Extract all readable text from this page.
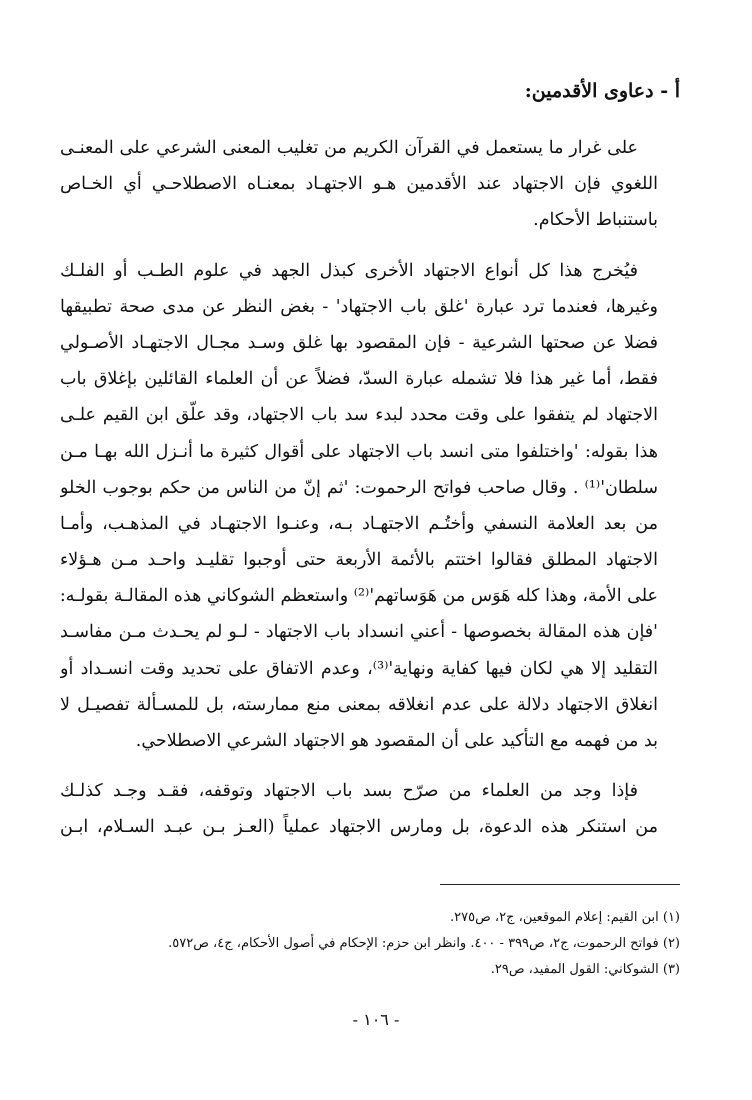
أ - دعاوى الأقدمين:
على غرار ما يستعمل في القرآن الكريم من تغليب المعنى الشرعي على المعنـى
اللغوي فإن الاجتهاد عند الأقدمين هـو الاجتهـاد بمعنـاه الاصطلاحـي أي الخـاص
باستنباط الأحكام.
فيُخرج هذا كل أنواع الاجتهاد الأخرى كبذل الجهد في علوم الطـب أو الفلـك
وغيرها، فعندما ترد عبارة 'غلق باب الاجتهاد' - بغض النظر عن مدى صحة تطبيقها
فضلا عن صحتها الشرعية - فإن المقصود بها غلق وسـد مجـال الاجتهـاد الأصـولي
فقط، أما غير هذا فلا تشمله عبارة السدّ، فضلاً عن أن العلماء القائلين بإغلاق باب
الاجتهاد لم يتفقوا على وقت محدد لبدء سد باب الاجتهاد، وقد علّق ابن القيم علـى
هذا بقوله: 'واختلفوا متى انسد باب الاجتهاد على أقوال كثيرة ما أنـزل الله بهـا مـن
سلطان'⁽¹⁾ . وقال صاحب فواتح الرحموت: 'ثم إنّ من الناس من حكم بوجوب الخلو
من بعد العلامة النسفي وأختُـم الاجتهـاد بـه، وعنـوا الاجتهـاد في المذهـب، وأمـا
الاجتهاد المطلق فقالوا اختتم بالأئمة الأربعة حتى أوجبوا تقليـد واحـد مـن هـؤلاء
على الأمة، وهذا كله هَوَس من هَوَساتهم'⁽²⁾ واستعظم الشوكاني هذه المقالـة بقولـه:
'فإن هذه المقالة بخصوصها - أعني انسداد باب الاجتهاد - لـو لم يحـدث مـن مفاسـد
التقليد إلا هي لكان فيها كفاية ونهاية'⁽³⁾، وعدم الاتفاق على تحديد وقت انسـداد أو
انغلاق الاجتهاد دلالة على عدم انغلاقه بمعنى منع ممارسته، بل للمسـألة تفصيـل لا
بد من فهمه مع التأكيد على أن المقصود هو الاجتهاد الشرعي الاصطلاحي.
فإذا وجد من العلماء من صرّح بسد باب الاجتهاد وتوقفه، فقـد وجـد كذلـك
من استنكر هذه الدعوة، بل ومارس الاجتهاد عملياً (العـز بـن عبـد السـلام، ابـن
(١) ابن القيم: إعلام الموقعين، ج٢، ص٢٧٥.
(٢) فواتح الرحموت، ج٢، ص٣٩٩ - ٤٠٠. وانظر ابن حزم: الإحكام في أصول الأحكام، ج٤، ص٥٧٢.
(٣) الشوكاني: القول المفيد، ص٢٩.
- ١٠٦ -
